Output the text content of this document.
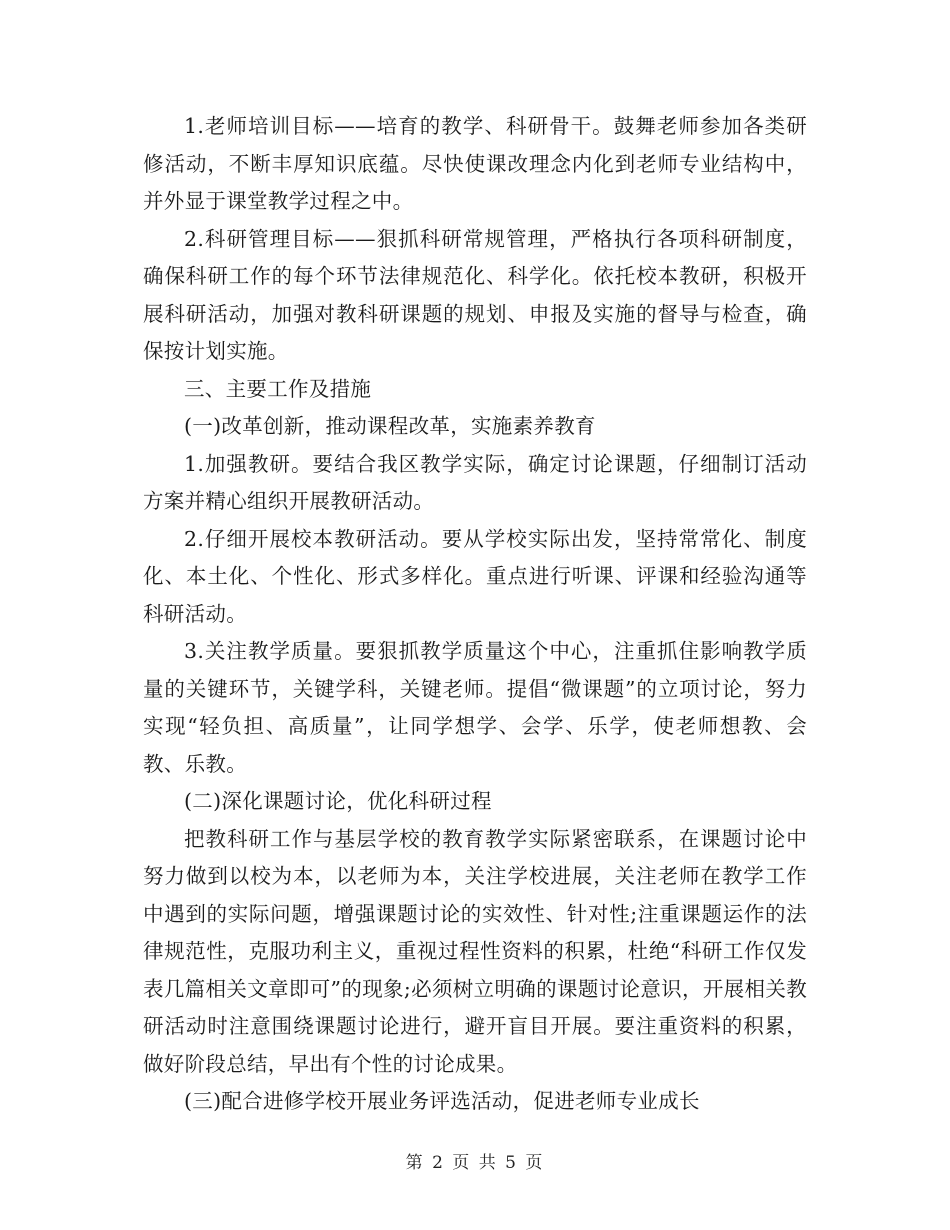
1.老师培训目标——培育的教学、科研骨干。鼓舞老师参加各类研修活动，不断丰厚知识底蕴。尽快使课改理念内化到老师专业结构中，并外显于课堂教学过程之中。

2.科研管理目标——狠抓科研常规管理，严格执行各项科研制度，确保科研工作的每个环节法律规范化、科学化。依托校本教研，积极开展科研活动，加强对教科研课题的规划、申报及实施的督导与检查，确保按计划实施。

三、主要工作及措施

(一)改革创新，推动课程改革，实施素养教育

1.加强教研。要结合我区教学实际，确定讨论课题，仔细制订活动方案并精心组织开展教研活动。

2.仔细开展校本教研活动。要从学校实际出发，坚持常常化、制度化、本土化、个性化、形式多样化。重点进行听课、评课和经验沟通等科研活动。

3.关注教学质量。要狠抓教学质量这个中心，注重抓住影响教学质量的关键环节，关键学科，关键老师。提倡“微课题”的立项讨论，努力实现“轻负担、高质量”，让同学想学、会学、乐学，使老师想教、会教、乐教。

(二)深化课题讨论，优化科研过程

把教科研工作与基层学校的教育教学实际紧密联系，在课题讨论中努力做到以校为本，以老师为本，关注学校进展，关注老师在教学工作中遇到的实际问题，增强课题讨论的实效性、针对性;注重课题运作的法律规范性，克服功利主义，重视过程性资料的积累，杜绝“科研工作仅发表几篇相关文章即可”的现象;必须树立明确的课题讨论意识，开展相关教研活动时注意围绕课题讨论进行，避开盲目开展。要注重资料的积累，做好阶段总结，早出有个性的讨论成果。

(三)配合进修学校开展业务评选活动，促进老师专业成长

第 2 页 共 5 页
